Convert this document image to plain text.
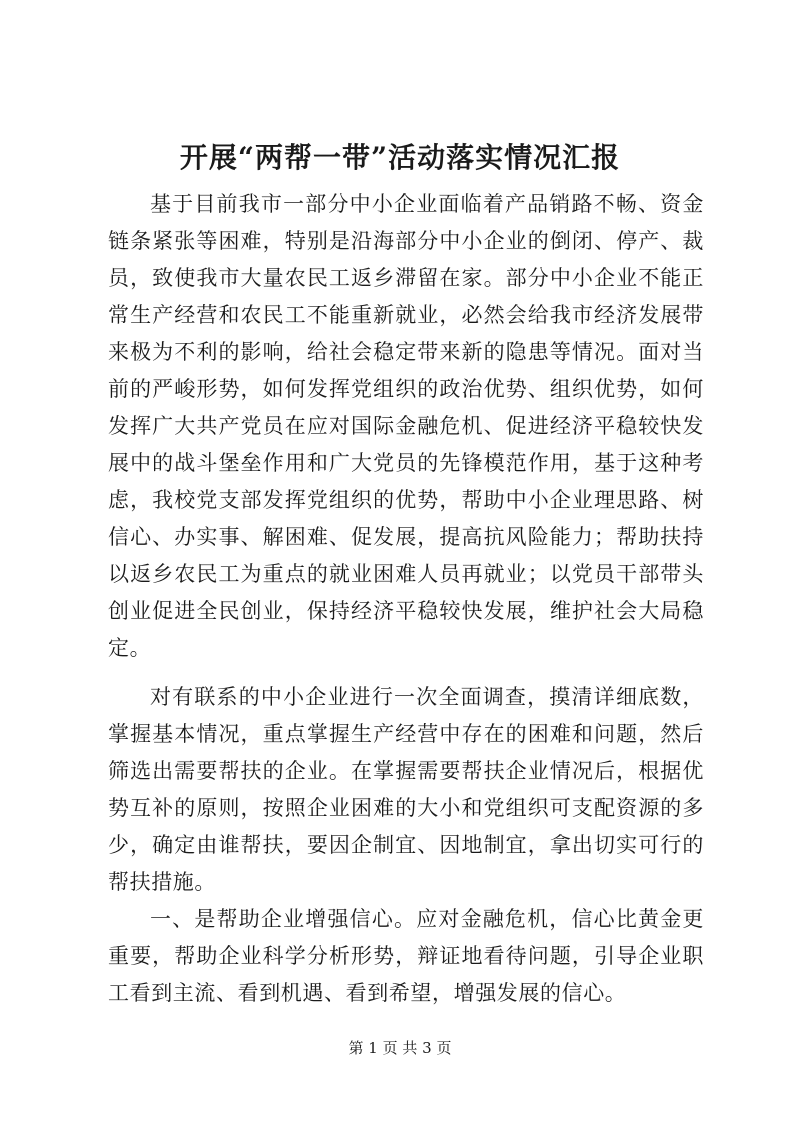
开展“两帮一带”活动落实情况汇报

基于目前我市一部分中小企业面临着产品销路不畅、资金链条紧张等困难，特别是沿海部分中小企业的倒闭、停产、裁员，致使我市大量农民工返乡滞留在家。部分中小企业不能正常生产经营和农民工不能重新就业，必然会给我市经济发展带来极为不利的影响，给社会稳定带来新的隐患等情况。面对当前的严峻形势，如何发挥党组织的政治优势、组织优势，如何发挥广大共产党员在应对国际金融危机、促进经济平稳较快发展中的战斗堡垒作用和广大党员的先锋模范作用，基于这种考虑，我校党支部发挥党组织的优势，帮助中小企业理思路、树信心、办实事、解困难、促发展，提高抗风险能力；帮助扶持以返乡农民工为重点的就业困难人员再就业；以党员干部带头创业促进全民创业，保持经济平稳较快发展，维护社会大局稳定。

对有联系的中小企业进行一次全面调查，摸清详细底数，掌握基本情况，重点掌握生产经营中存在的困难和问题，然后筛选出需要帮扶的企业。在掌握需要帮扶企业情况后，根据优势互补的原则，按照企业困难的大小和党组织可支配资源的多少，确定由谁帮扶，要因企制宜、因地制宜，拿出切实可行的帮扶措施。

一、是帮助企业增强信心。应对金融危机，信心比黄金更重要，帮助企业科学分析形势，辩证地看待问题，引导企业职工看到主流、看到机遇、看到希望，增强发展的信心。

第 1 页 共 3 页
